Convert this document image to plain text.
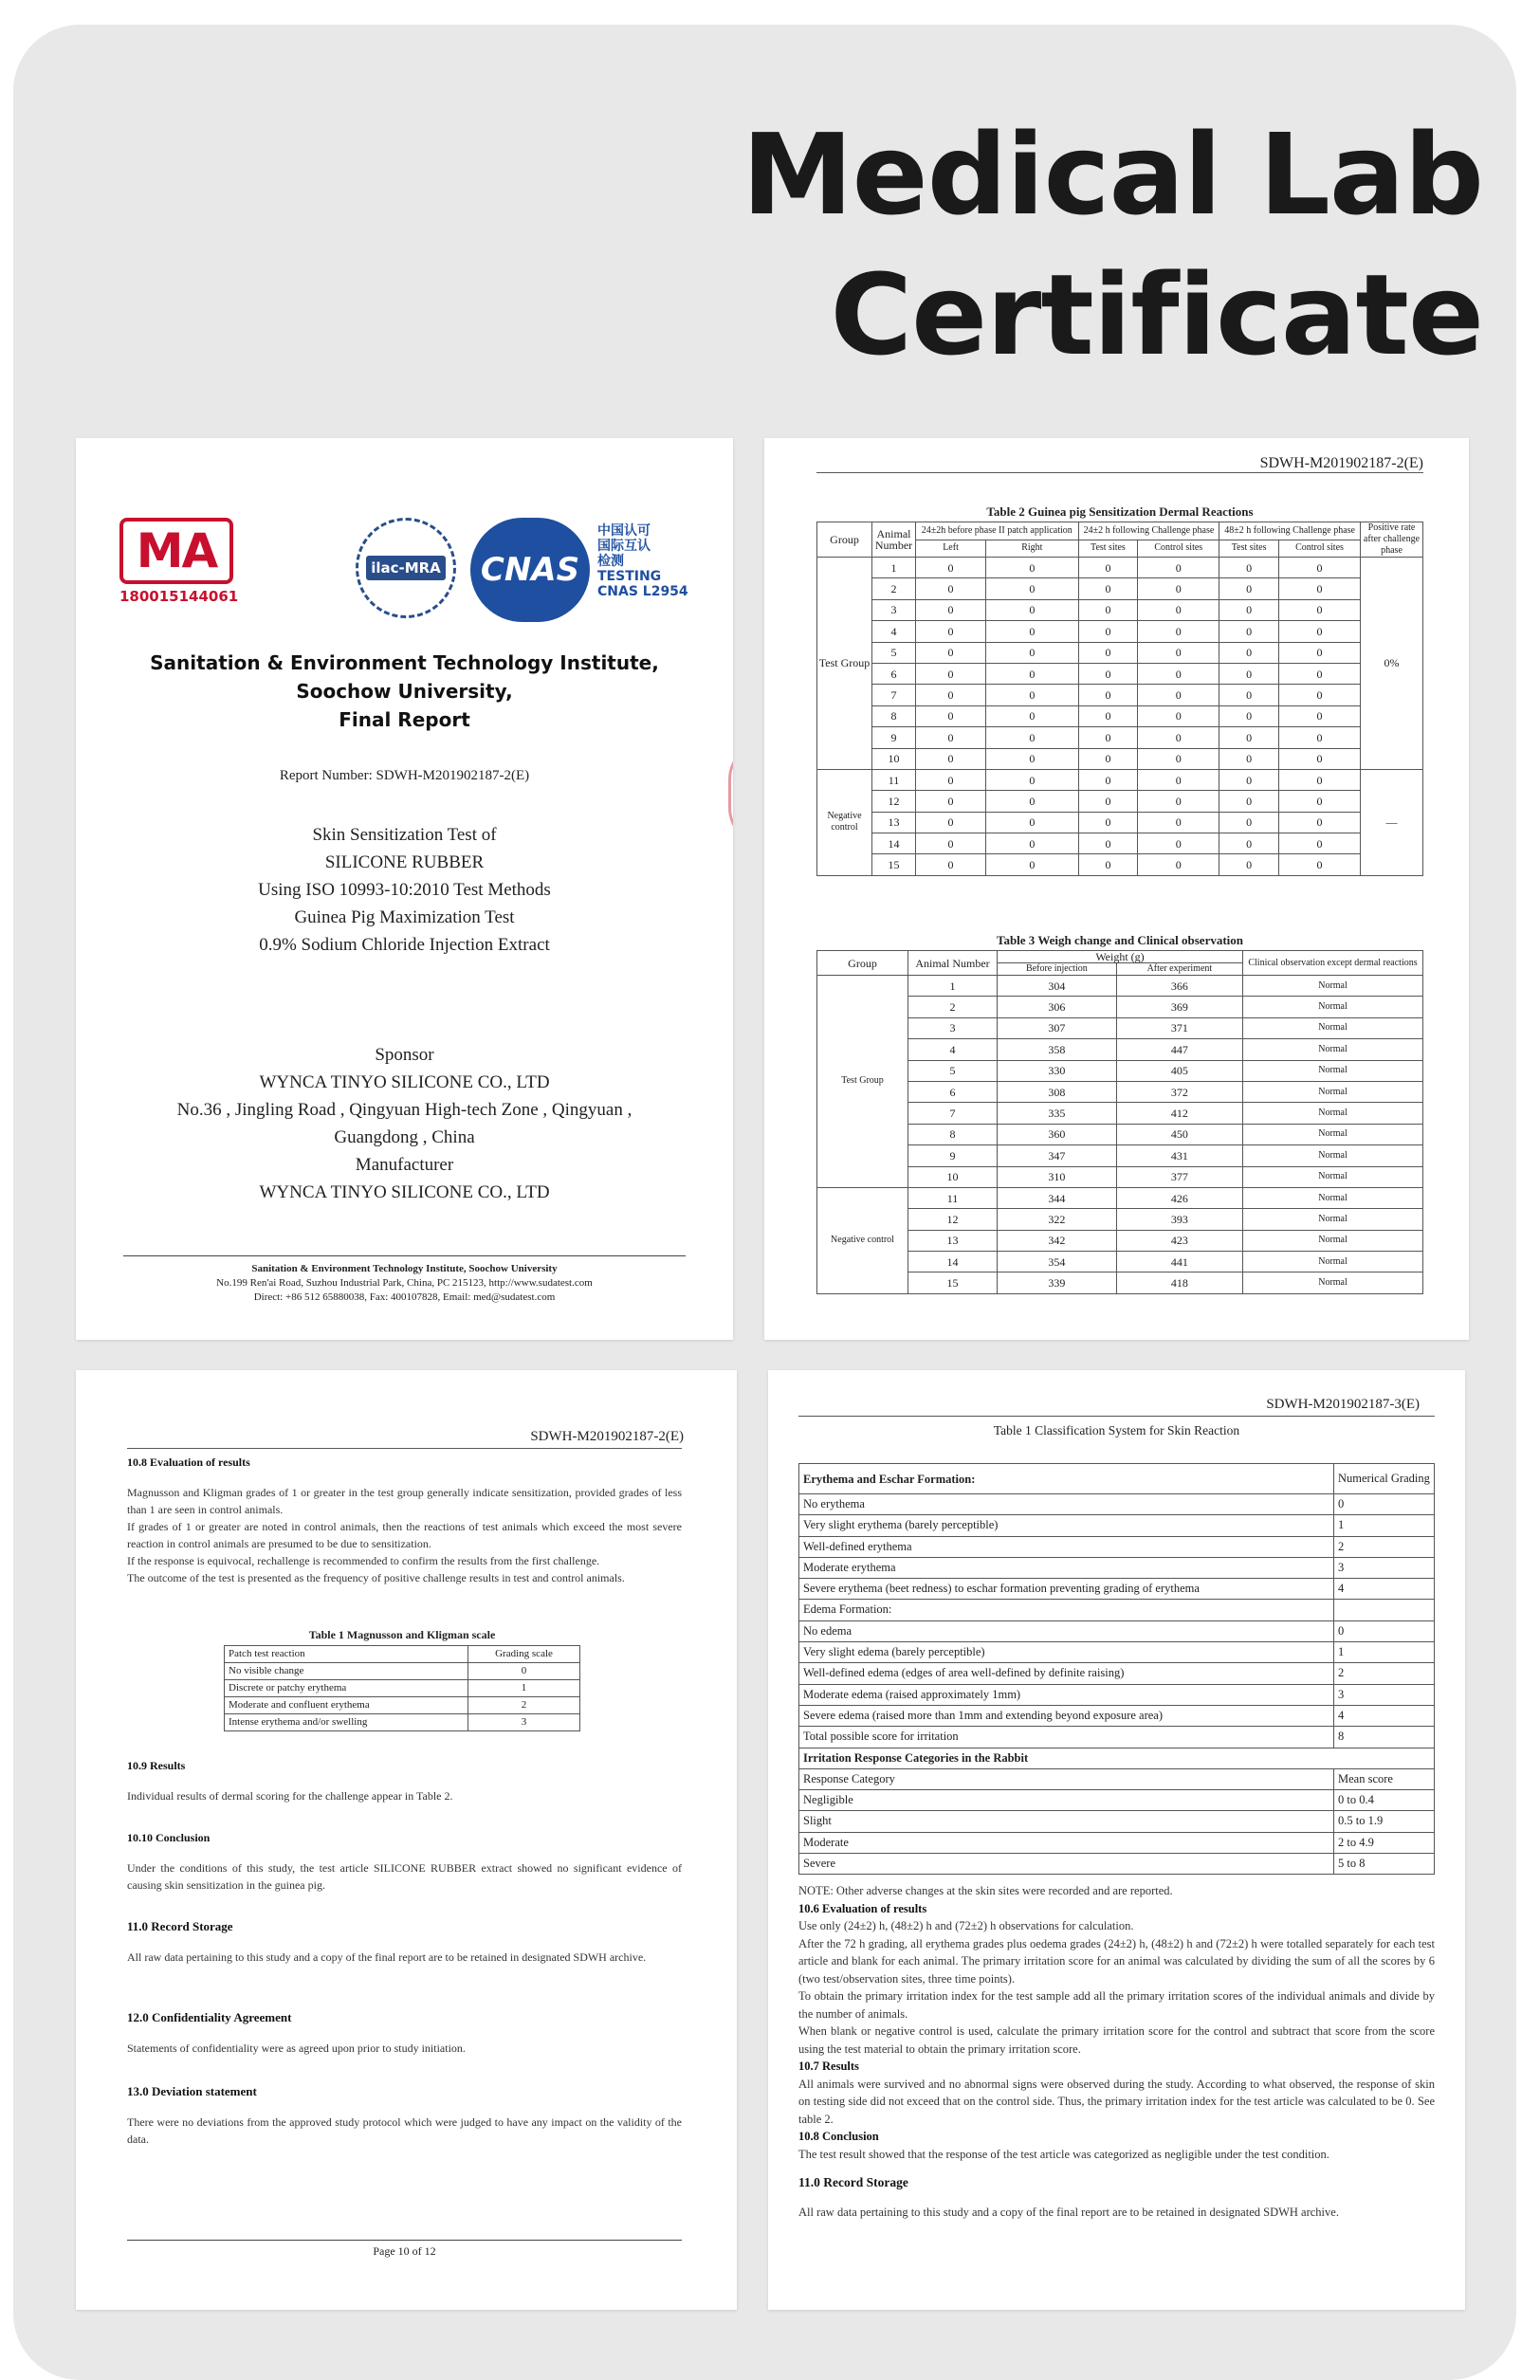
Medical Lab
Certificate
MA
180015144061
ilac-MRA CNAS
中国认可
国际互认
检测
TESTING
CNAS L2954
Sanitation & Environment Technology Institute,
Soochow University,
Final Report
Report Number: SDWH-M201902187-2(E)
Skin Sensitization Test of
SILICONE RUBBER
Using ISO 10993-10:2010 Test Methods
Guinea Pig Maximization Test
0.9% Sodium Chloride Injection Extract
Sponsor
WYNCA TINYO SILICONE CO., LTD
No.36 , Jingling Road , Qingyuan High-tech Zone , Qingyuan ,
Guangdong , China
Manufacturer
WYNCA TINYO SILICONE CO., LTD
Sanitation & Environment Technology Institute, Soochow University
No.199 Ren'ai Road, Suzhou Industrial Park, China, PC 215123, http://www.sudatest.com
Direct: +86 512 65880038, Fax: 400107828, Email: med@sudatest.com
SDWH-M201902187-2(E)
Table 2 Guinea pig Sensitization Dermal Reactions
Group	Animal Number	24±2h before phase II patch application		24±2 h following Challenge phase		48±2 h following Challenge phase		Positive rate after challenge phase
		Left	Right	Test sites	Control sites	Test sites	Control sites	
Test Group	1	0	0	0	0	0	0	0%
	2	0	0	0	0	0	0	
	3	0	0	0	0	0	0	
	4	0	0	0	0	0	0	
	5	0	0	0	0	0	0	
	6	0	0	0	0	0	0	
	7	0	0	0	0	0	0	
	8	0	0	0	0	0	0	
	9	0	0	0	0	0	0	
	10	0	0	0	0	0	0	
Negative control	11	0	0	0	0	0	0	—
	12	0	0	0	0	0	0	
	13	0	0	0	0	0	0	
	14	0	0	0	0	0	0	
	15	0	0	0	0	0	0	
Table 3 Weigh change and Clinical observation
Group	Animal Number	Weight (g)		Clinical observation except dermal reactions
		Before injection	After experiment	
Test Group	1	304	366	Normal
	2	306	369	Normal
	3	307	371	Normal
	4	358	447	Normal
	5	330	405	Normal
	6	308	372	Normal
	7	335	412	Normal
	8	360	450	Normal
	9	347	431	Normal
	10	310	377	Normal
Negative control	11	344	426	Normal
	12	322	393	Normal
	13	342	423	Normal
	14	354	441	Normal
	15	339	418	Normal
SDWH-M201902187-2(E)
10.8 Evaluation of results
Magnusson and Kligman grades of 1 or greater in the test group generally indicate sensitization, provided grades of less than 1 are seen in control animals.
If grades of 1 or greater are noted in control animals, then the reactions of test animals which exceed the most severe reaction in control animals are presumed to be due to sensitization.
If the response is equivocal, rechallenge is recommended to confirm the results from the first challenge.
The outcome of the test is presented as the frequency of positive challenge results in test and control animals.
Table 1 Magnusson and Kligman scale
Patch test reaction	Grading scale
No visible change	0
Discrete or patchy erythema	1
Moderate and confluent erythema	2
Intense erythema and/or swelling	3
10.9 Results
Individual results of dermal scoring for the challenge appear in Table 2.
10.10 Conclusion
Under the conditions of this study, the test article SILICONE RUBBER extract showed no significant evidence of causing skin sensitization in the guinea pig.
11.0 Record Storage
All raw data pertaining to this study and a copy of the final report are to be retained in designated SDWH archive.
12.0 Confidentiality Agreement
Statements of confidentiality were as agreed upon prior to study initiation.
13.0 Deviation statement
There were no deviations from the approved study protocol which were judged to have any impact on the validity of the data.
Page 10 of 12
SDWH-M201902187-3(E)
Table 1 Classification System for Skin Reaction
Erythema and Eschar Formation:	Numerical Grading
No erythema	0
Very slight erythema (barely perceptible)	1
Well-defined erythema	2
Moderate erythema	3
Severe erythema (beet redness) to eschar formation preventing grading of erythema	4
Edema Formation:	
No edema	0
Very slight edema (barely perceptible)	1
Well-defined edema (edges of area well-defined by definite raising)	2
Moderate edema (raised approximately 1mm)	3
Severe edema (raised more than 1mm and extending beyond exposure area)	4
Total possible score for irritation	8
Irritation Response Categories in the Rabbit	
Response Category	Mean score
Negligible	0 to 0.4
Slight	0.5 to 1.9
Moderate	2 to 4.9
Severe	5 to 8
NOTE: Other adverse changes at the skin sites were recorded and are reported.
10.6 Evaluation of results
Use only (24±2) h, (48±2) h and (72±2) h observations for calculation.
After the 72 h grading, all erythema grades plus oedema grades (24±2) h, (48±2) h and (72±2) h were totalled separately for each test article and blank for each animal. The primary irritation score for an animal was calculated by dividing the sum of all the scores by 6 (two test/observation sites, three time points).
To obtain the primary irritation index for the test sample add all the primary irritation scores of the individual animals and divide by the number of animals.
When blank or negative control is used, calculate the primary irritation score for the control and subtract that score from the score using the test material to obtain the primary irritation score.
10.7 Results
All animals were survived and no abnormal signs were observed during the study. According to what observed, the response of skin on testing side did not exceed that on the control side. Thus, the primary irritation index for the test article was calculated to be 0. See table 2.
10.8 Conclusion
The test result showed that the response of the test article was categorized as negligible under the test condition.
11.0 Record Storage
All raw data pertaining to this study and a copy of the final report are to be retained in designated SDWH archive.
